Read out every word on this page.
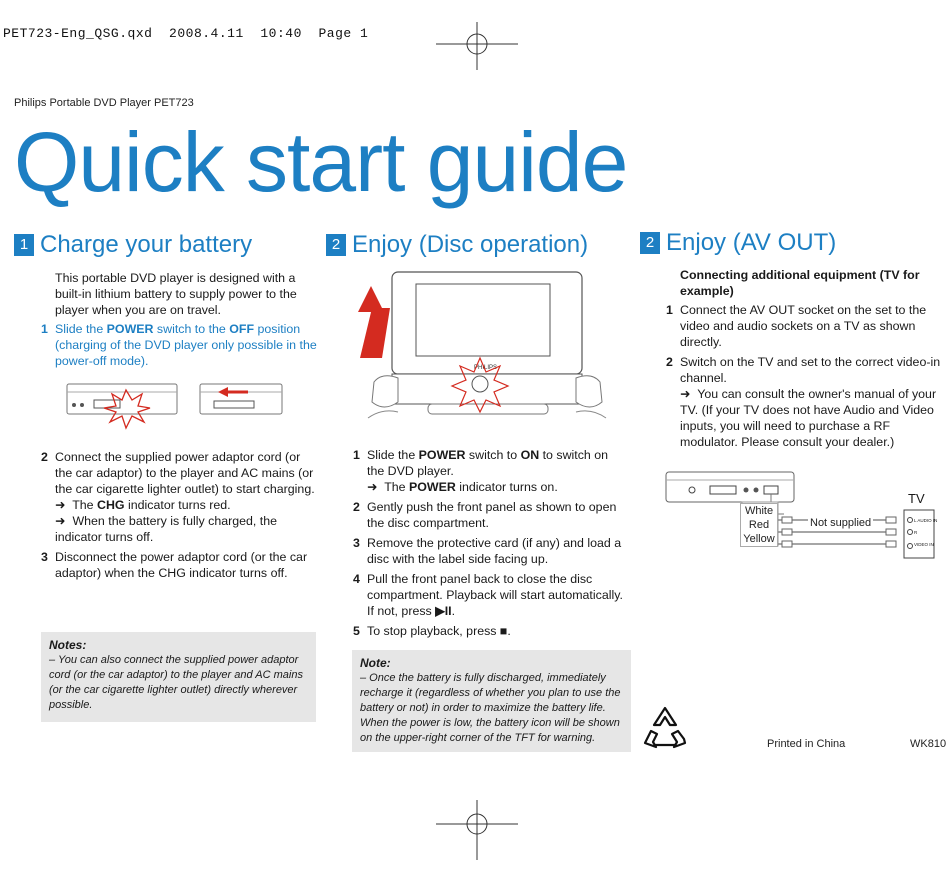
PET723-Eng_QSG.qxd 2008.4.11 10:40 Page 1
Philips Portable DVD Player PET723
Quick start guide
1 Charge your battery
This portable DVD player is designed with a built-in lithium battery to supply power to the player when you are on travel.
1 Slide the POWER switch to the OFF position (charging of the DVD player only possible in the power-off mode).
2 Connect the supplied power adaptor cord (or the car adaptor) to the player and AC mains (or the car cigarette lighter outlet) to start charging.
➜ The CHG indicator turns red.
➜ When the battery is fully charged, the indicator turns off.
3 Disconnect the power adaptor cord (or the car adaptor) when the CHG indicator turns off.
Notes:
– You can also connect the supplied power adaptor cord (or the car adaptor) to the player and AC mains (or the car cigarette lighter outlet) directly wherever possible.
2 Enjoy (Disc operation)
PHILIPS
1 Slide the POWER switch to ON to switch on the DVD player.
➜ The POWER indicator turns on.
2 Gently push the front panel as shown to open the disc compartment.
3 Remove the protective card (if any) and load a disc with the label side facing up.
4 Pull the front panel back to close the disc compartment. Playback will start automatically. If not, press ▶II.
5 To stop playback, press ■.
Note:
– Once the battery is fully discharged, immediately recharge it (regardless of whether you plan to use the battery or not) in order to maximize the battery life. When the power is low, the battery icon will be shown on the upper-right corner of the TFT for warning.
2 Enjoy (AV OUT)
Connecting additional equipment (TV for example)
1 Connect the AV OUT socket on the set to the video and audio sockets on a TV as shown directly.
2 Switch on the TV and set to the correct video-in channel.
➜ You can consult the owner's manual of your TV. (If your TV does not have Audio and Video inputs, you will need to purchase a RF modulator. Please consult your dealer.)
White
Red
Yellow
Not supplied
TV
L AUDIO IN
R
VIDEO IN
Printed in China	WK810
